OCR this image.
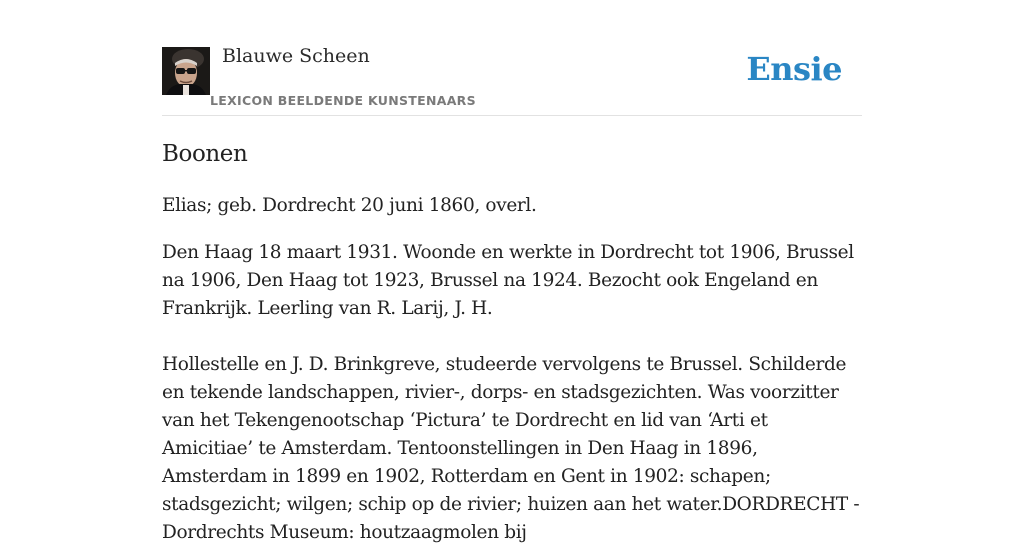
Blauwe Scheen
LEXICON BEELDENDE KUNSTENAARS
Ensie
Boonen

Elias; geb. Dordrecht 20 juni 1860, overl.

Den Haag 18 maart 1931. Woonde en werkte in Dordrecht tot 1906, Brussel na 1906, Den Haag tot 1923, Brussel na 1924. Bezocht ook Engeland en Frankrijk. Leerling van R. Larij, J. H.

Hollestelle en J. D. Brinkgreve, studeerde vervolgens te Brussel. Schilderde en tekende landschappen, rivier-, dorps- en stadsgezichten. Was voorzitter van het Tekengenootschap ‘Pictura’ te Dordrecht en lid van ‘Arti et Amicitiae’ te Amsterdam. Tentoonstellingen in Den Haag in 1896, Amsterdam in 1899 en 1902, Rotterdam en Gent in 1902: schapen; stadsgezicht; wilgen; schip op de rivier; huizen aan het water.DORDRECHT -Dordrechts Museum: houtzaagmolen bij
